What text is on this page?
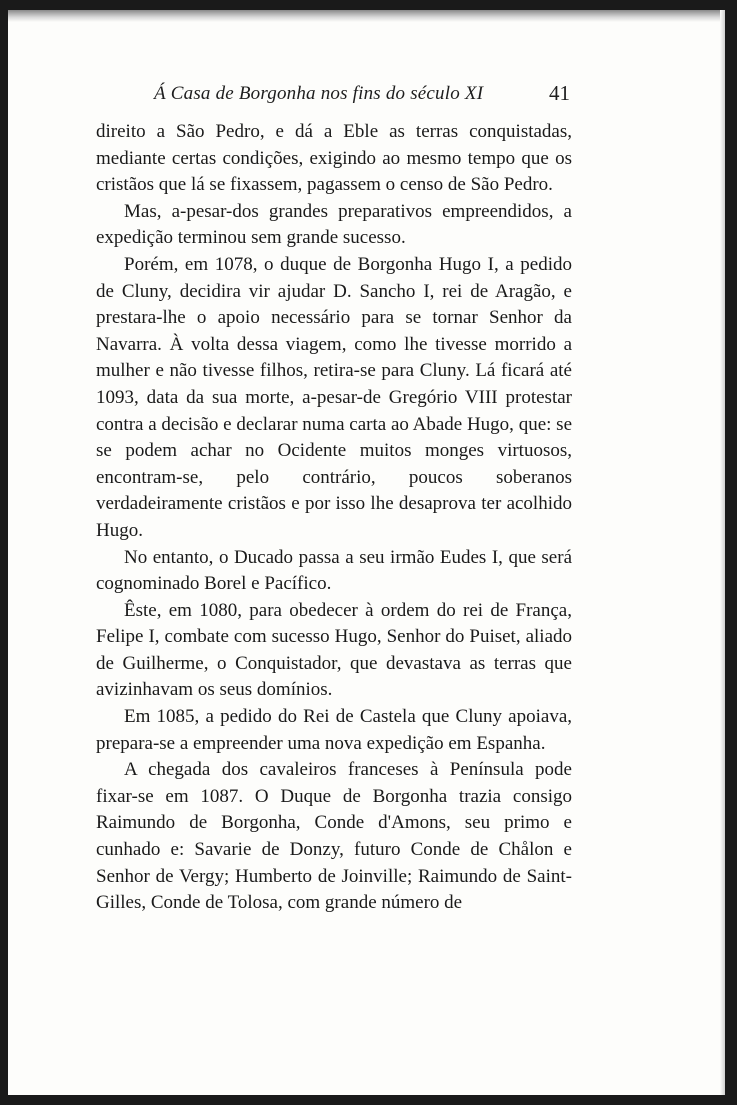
Á Casa de Borgonha nos fins do século XI	41

direito a São Pedro, e dá a Eble as terras conquistadas, mediante certas condições, exigindo ao mesmo tempo que os cristãos que lá se fixassem, pagassem o censo de São Pedro.

Mas, a-pesar-dos grandes preparativos empreendidos, a expedição terminou sem grande sucesso.

Porém, em 1078, o duque de Borgonha Hugo I, a pedido de Cluny, decidira vir ajudar D. Sancho I, rei de Aragão, e prestara-lhe o apoio necessário para se tornar Senhor da Navarra. À volta dessa viagem, como lhe tivesse morrido a mulher e não tivesse filhos, retira-se para Cluny. Lá ficará até 1093, data da sua morte, a-pesar-de Gregório VIII protestar contra a decisão e declarar numa carta ao Abade Hugo, que: se se podem achar no Ocidente muitos monges virtuosos, encontram-se, pelo contrário, poucos soberanos verdadeiramente cristãos e por isso lhe desaprova ter acolhido Hugo.

No entanto, o Ducado passa a seu irmão Eudes I, que será cognominado Borel e Pacífico.

Êste, em 1080, para obedecer à ordem do rei de França, Felipe I, combate com sucesso Hugo, Senhor do Puiset, aliado de Guilherme, o Conquistador, que devastava as terras que avizinhavam os seus domínios.

Em 1085, a pedido do Rei de Castela que Cluny apoiava, prepara-se a empreender uma nova expedição em Espanha.

A chegada dos cavaleiros franceses à Península pode fixar-se em 1087. O Duque de Borgonha trazia consigo Raimundo de Borgonha, Conde d'Amons, seu primo e cunhado e: Savarie de Donzy, futuro Conde de Chålon e Senhor de Vergy; Humberto de Joinville; Raimundo de Saint-Gilles, Conde de Tolosa, com grande número de
